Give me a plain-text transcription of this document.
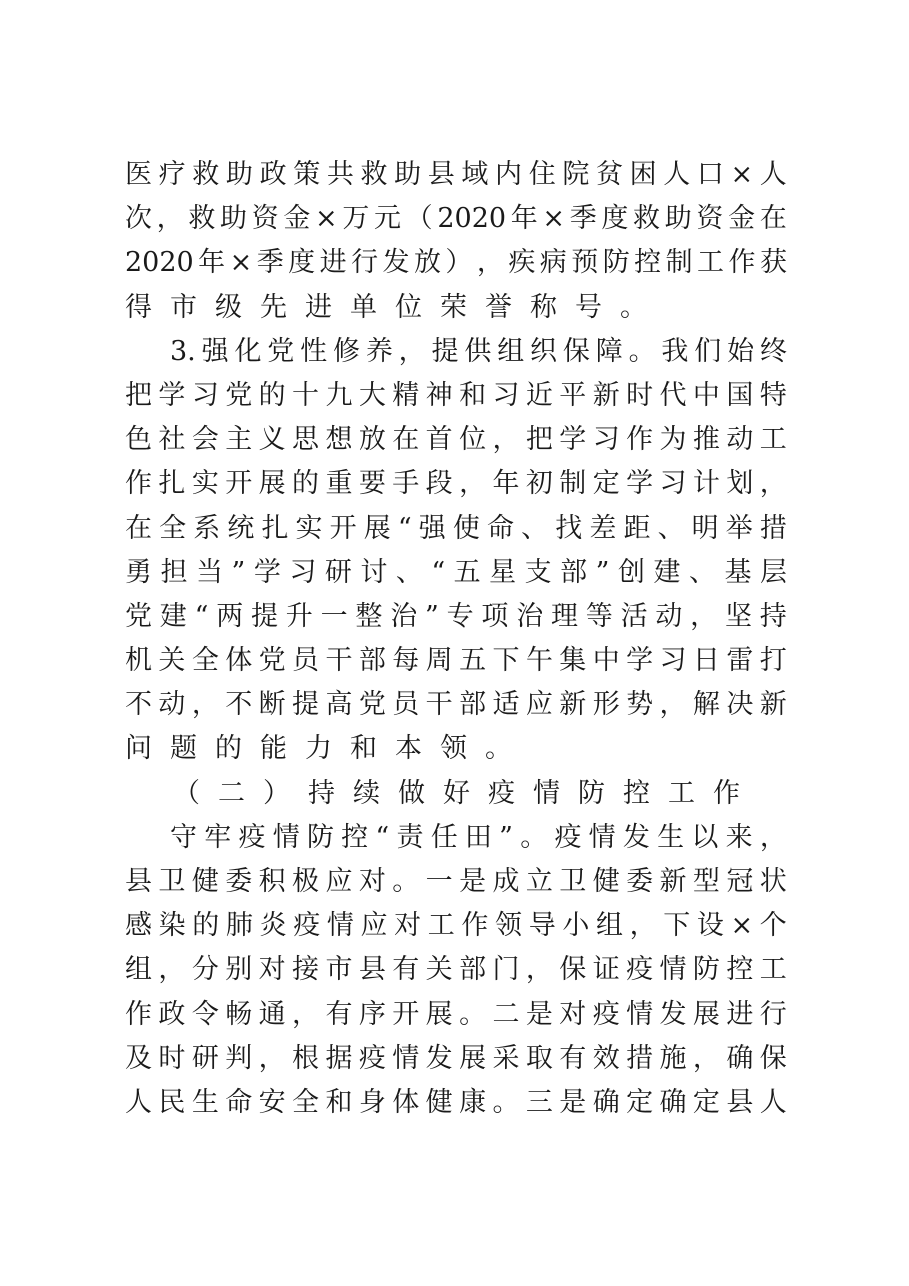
医 疗 救 助 政 策 共 救 助 县 域 内 住 院 贫 困 人 口 × 人
次 ， 救 助 资 金 × 万 元 （ 2020 年 × 季 度 救 助 资 金 在
2020 年 × 季 度 进 行 发 放 ） ， 疾 病 预 防 控 制 工 作 获
得 市 级 先 进 单 位 荣 誉 称 号 。
3. 强 化 党 性 修 养 ， 提 供 组 织 保 障 。 我 们 始 终
把 学 习 党 的 十 九 大 精 神 和 习 近 平 新 时 代 中 国 特
色 社 会 主 义 思 想 放 在 首 位 ， 把 学 习 作 为 推 动 工
作 扎 实 开 展 的 重 要 手 段 ， 年 初 制 定 学 习 计 划 ，
在 全 系 统 扎 实 开 展 “ 强 使 命 、 找 差 距 、 明 举 措
勇 担 当 ” 学 习 研 讨 、 “ 五 星 支 部 ” 创 建 、 基 层
党 建 “ 两 提 升 一 整 治 ” 专 项 治 理 等 活 动 ， 坚 持
机 关 全 体 党 员 干 部 每 周 五 下 午 集 中 学 习 日 雷 打
不 动 ， 不 断 提 高 党 员 干 部 适 应 新 形 势 ， 解 决 新
问 题 的 能 力 和 本 领 。
（ 二 ） 持 续 做 好 疫 情 防 控 工 作
守 牢 疫 情 防 控 “ 责 任 田 ” 。 疫 情 发 生 以 来 ，
县 卫 健 委 积 极 应 对 。 一 是 成 立 卫 健 委 新 型 冠 状
感 染 的 肺 炎 疫 情 应 对 工 作 领 导 小 组 ， 下 设 × 个
组 ， 分 别 对 接 市 县 有 关 部 门 ， 保 证 疫 情 防 控 工
作 政 令 畅 通 ， 有 序 开 展 。 二 是 对 疫 情 发 展 进 行
及 时 研 判 ， 根 据 疫 情 发 展 采 取 有 效 措 施 ， 确 保
人 民 生 命 安 全 和 身 体 健 康 。 三 是 确 定 确 定 县 人
